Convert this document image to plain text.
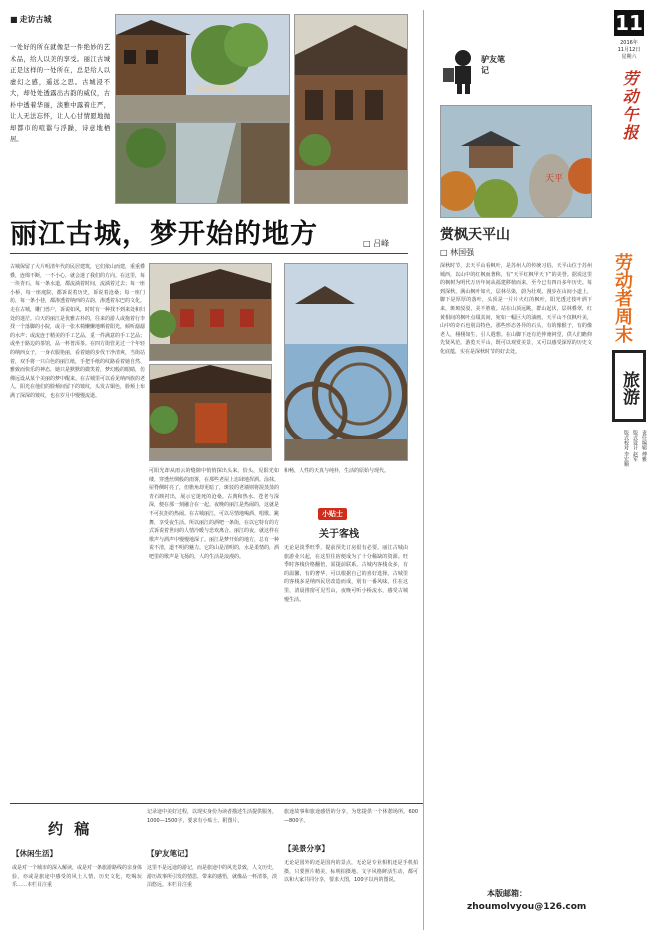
■ 走访古城
一处好的所在就像是一件绝妙的艺术品，给人以美的享受。丽江古城正是这样的一处所在，总是给人以虚幻之感，遥远之思。古城浸不大，却处处透露出古韵的威仪，古朴中透着华丽，淡雅中露着庄严，让人无法忘怀，让人心甘情愿地抛却都市的喧嚣与浮躁，诗意地栖居。
丽江古城，梦开始的地方	□ 吕峰
古城保留了大片明清年代的民居建筑，它们依山而建，重重叠叠，连绵不断，一不小心，就会迷了我们的方向。在这里，每一块青石，每一条水道，都流淌着时间，流淌着过去；每一座小桥，每一座庭院，都诉说着历史，诉说着沧桑；每一座门坊，每一条小巷，都渗透着纳西的古韵，渗透着东巴的文化。走在古城，雕门兽户，诉说如风，时时有一种找不到来处和归处的迷茫。白天的丽江是优雅古朴的，往来的游人或拖着行李找一个落脚的小院，或寻一张木椅懒懒地晒着阳光，倾听潺潺的水声；或流连于精美的手工艺品，觅一件满意的手工艺品；或坐于路边的茶馆，品一杯普洱茶。在四方街管见过一个年轻的纳西女子，一身衣服艳丽，看着她的步伐干净清爽，当街站着，双手将一只白色的丽江纸，手把手纸的纹路看着她自然、雅致而快乐的神态，她只是默默的微笑着，梦幻般的眼睛，仿佛远设从某个美丽的梦中醒来。在古城里可以看见纳西族的老人，阳光在他们的脸颊间留下的皱纹，头发古铜色，脸颊上布满了深深的皱纹，也在岁月中慢慢流逝。
可阳光却从雨云的缝隙中悄悄探出头来。恰头，见阳光如缕，穿透丝绸般的雨雾，在那些老屋上恣肆地挥洒。涂抹。屋脊侧时亮了，但檐角却更暗了，斑驳的老墙则将混蒸蒸的青石映衬出，展示它迷死的沧桑。古典和热水、苍老与深深，便在那一刻融合在一起。夜晚的丽江是热闹的，这就是不可抗拒的热闹。在古城丽江，可以尽情地喝酒、唱歌、跳舞，享受夜生活。所以丽江的酒吧一条街，在以它特有的方式诉说着世间的人情冷暖与悲欢离合。丽江的夜，就这样在歌声与酒声中慢慢地深了。丽江是梦开始的地方，总有一种说不清，道不明的魅力。它的山是清明的，水是柔情的，酒吧里的歌声是飞扬的，人的生活是浪漫的。
和畅，人性的天真与纯朴，生活的原始与现代。
小贴士
关于客栈
无论是淡季旺季，提前预先订房很有必要。丽江古城由旅游业兴起，在这里住宿便成为了十分稀缺的资源。旺季时客栈价格翻倍，需提前联系。古城内客栈众多，有的温馨，有的奢华，可以根据自己的喜好选择。古城里的客栈多是纳西民居改造而成，别有一番风味。住在这里，清晨推窗可见雪山，夜晚可听小桥流水，感受古城慢生活。
驴友笔记
天平
赏枫天平山
□ 林国强
深秋时节，去天平山看枫叶，是苏州人的传统习俗。天平山位于苏州城西，以山中的红枫而著称，有“天平红枫甲天下”的美誉。据说这里的枫树为明代万历年间从福建移植而来，至今已有四百多年历史。每到深秋，满山枫叶如火，层林尽染，蔚为壮观。漫步在山间小道上，脚下是厚厚的落叶，头顶是一片片火红的枫叶，阳光透过枝叶洒下来，斑斑驳驳，美不胜收。站在山顶远眺，群山起伏，层林叠翠，红黄相间的枫叶点缀其间，宛如一幅巨大的油画。天平山不仅枫叶美，山中的奇石也别具特色，那些形态各异的石头，有的像猴子，有的像老人，栩栩如生，引人遐想。在山脚下还有范仲淹祠堂，供人们瞻仰先贤风范。游览天平山，既可以观赏美景，又可以感受深厚的历史文化底蕴，实在是深秋时节的好去处。
11
2016年
11月12日
星期六
劳动午报
劳动者周末
旅游
责任编辑 傅雅
版式设计 赵军
版式校对 李宏顺
约 稿
【休闲生活】
或是对一个城市的深入解读，或是对一条旅游路线的亲身体验，亦或是旅途中感受的风土人情，历史文化，吃喝玩乐……本栏目注重
记录途中美好过程，以现实身份为读者描述生活提供服务，1000—1500字，要求有小贴士、附图片。
【驴友笔记】
这里不是远途的游记，而是旅途中的风光景致，人文历史，游历故事所引发的情思，带来的感悟，就像品一杯清茶，淡泊悠远。本栏目注重
旅途故事和旅途感悟的分享，为您提供一个休憩场所。600—800字。
【美景分享】
无论是国外的还是国内的景点，无论是专业相机还是手机拍摄，只要照片精美，标明拍摄地、文字风格鲜活生动，都可以和大家共同分享，要求大图，100字以内的图说。
本版邮箱：
zhoumolvyou@126.com
